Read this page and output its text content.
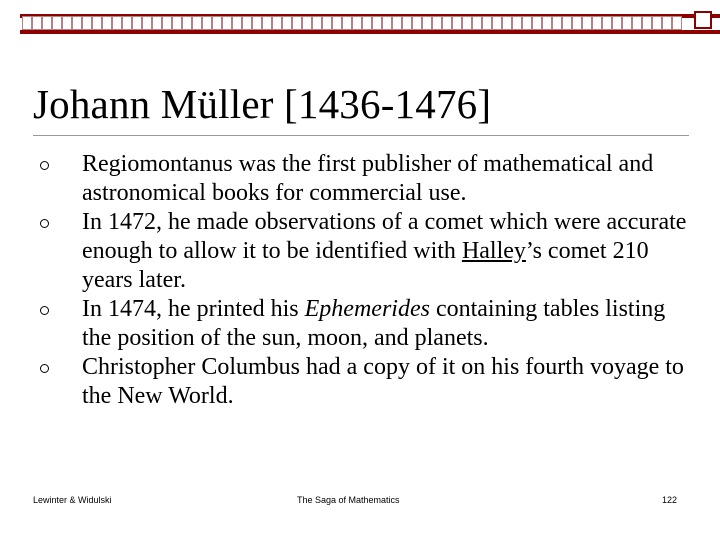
Johann Müller [1436-1476]
Regiomontanus was the first publisher of mathematical and astronomical books for commercial use.
In 1472, he made observations of a comet which were accurate enough to allow it to be identified with Halley’s comet 210 years later.
In 1474, he printed his Ephemerides containing tables listing the position of the sun, moon, and planets.
Christopher Columbus had a copy of it on his fourth voyage to the New World.
Lewinter & Widulski	The Saga of Mathematics	122
